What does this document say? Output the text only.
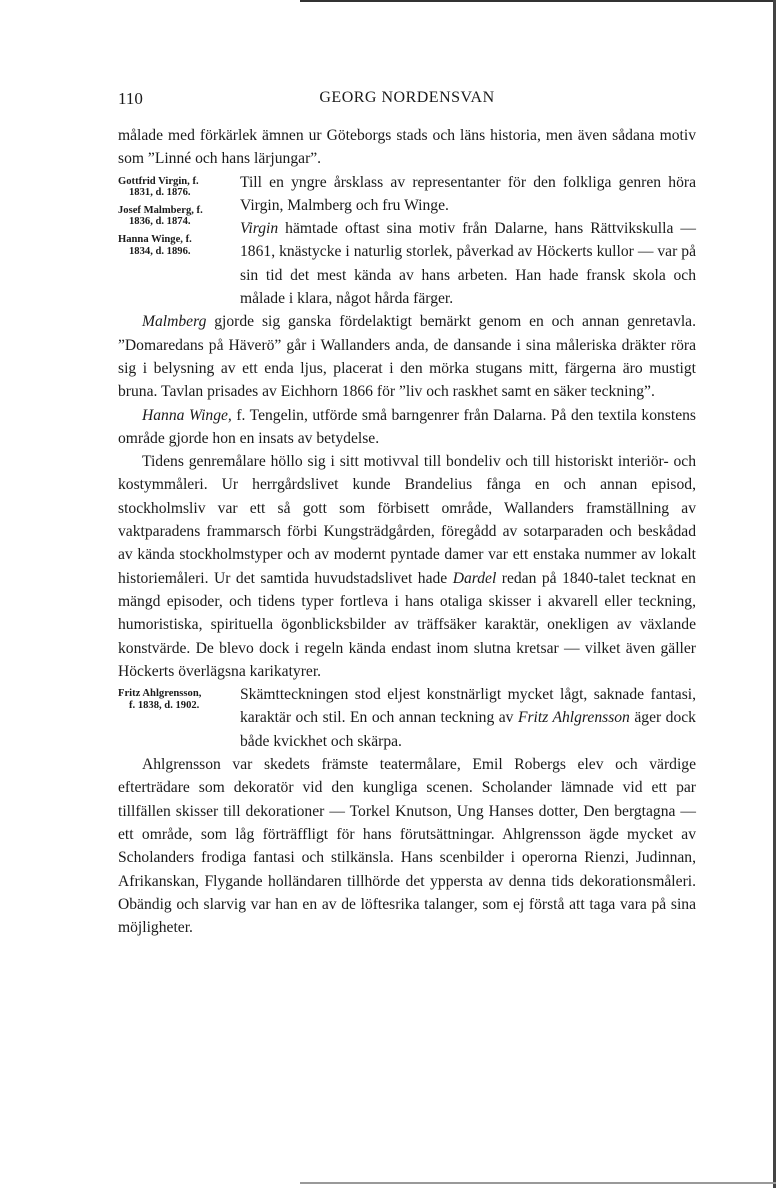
110	GEORG NORDENSVAN

målade med förkärlek ämnen ur Göteborgs stads och läns historia, men även sådana motiv som ”Linné och hans lärjungar”.

Gottfrid Virgin, f.
1831, d. 1876.
Josef Malmberg, f.
1836, d. 1874.
Hanna Winge, f.
1834, d. 1896.

Till en yngre årsklass av representanter för den folkliga genren höra Virgin, Malmberg och fru Winge.

Virgin hämtade oftast sina motiv från Dalarne, hans Rättvikskulla — 1861, knästycke i naturlig storlek, påverkad av Höckerts kullor — var på sin tid det mest kända av hans arbeten. Han hade fransk skola och målade i klara, något hårda färger.

Malmberg gjorde sig ganska fördelaktigt bemärkt genom en och annan genretavla. ”Domaredans på Häverö” går i Wallanders anda, de dansande i sina måleriska dräkter röra sig i belysning av ett enda ljus, placerat i den mörka stugans mitt, färgerna äro mustigt bruna. Tavlan prisades av Eichhorn 1866 för ”liv och raskhet samt en säker teckning”.

Hanna Winge, f. Tengelin, utförde små barngenrer från Dalarna. På den textila konstens område gjorde hon en insats av betydelse.

Tidens genremålare höllo sig i sitt motivval till bondeliv och till historiskt interiör- och kostymmåleri. Ur herrgårdslivet kunde Brandelius fånga en och annan episod, stockholmsliv var ett så gott som förbisett område, Wallanders framställning av vaktparadens frammarsch förbi Kungsträdgården, föregådd av sotarparaden och beskådad av kända stockholmstyper och av modernt pyntade damer var ett enstaka nummer av lokalt historiemåleri. Ur det samtida huvudstadslivet hade Dardel redan på 1840-talet tecknat en mängd episoder, och tidens typer fortleva i hans otaliga skisser i akvarell eller teckning, humoristiska, spirituella ögonblicksbilder av träffsäker karaktär, onekligen av växlande konstvärde. De blevo dock i regeln kända endast inom slutna kretsar — vilket även gäller Höckerts överlägsna karikatyrer.

Fritz Ahlgrensson,
f. 1838, d. 1902.

Skämtteckningen stod eljest konstnärligt mycket lågt, saknade fantasi, karaktär och stil. En och annan teckning av Fritz Ahlgrensson äger dock både kvickhet och skärpa.

Ahlgrensson var skedets främste teatermålare, Emil Robergs elev och värdige efterträdare som dekoratör vid den kungliga scenen. Scholander lämnade vid ett par tillfällen skisser till dekorationer — Torkel Knutson, Ung Hanses dotter, Den bergtagna — ett område, som låg förträffligt för hans förutsättningar. Ahlgrensson ägde mycket av Scholanders frodiga fantasi och stilkänsla. Hans scenbilder i operorna Rienzi, Judinnan, Afrikanskan, Flygande holländaren tillhörde det yppersta av denna tids dekorationsmåleri. Obändig och slarvig var han en av de löftesrika talanger, som ej förstå att taga vara på sina möjligheter.
